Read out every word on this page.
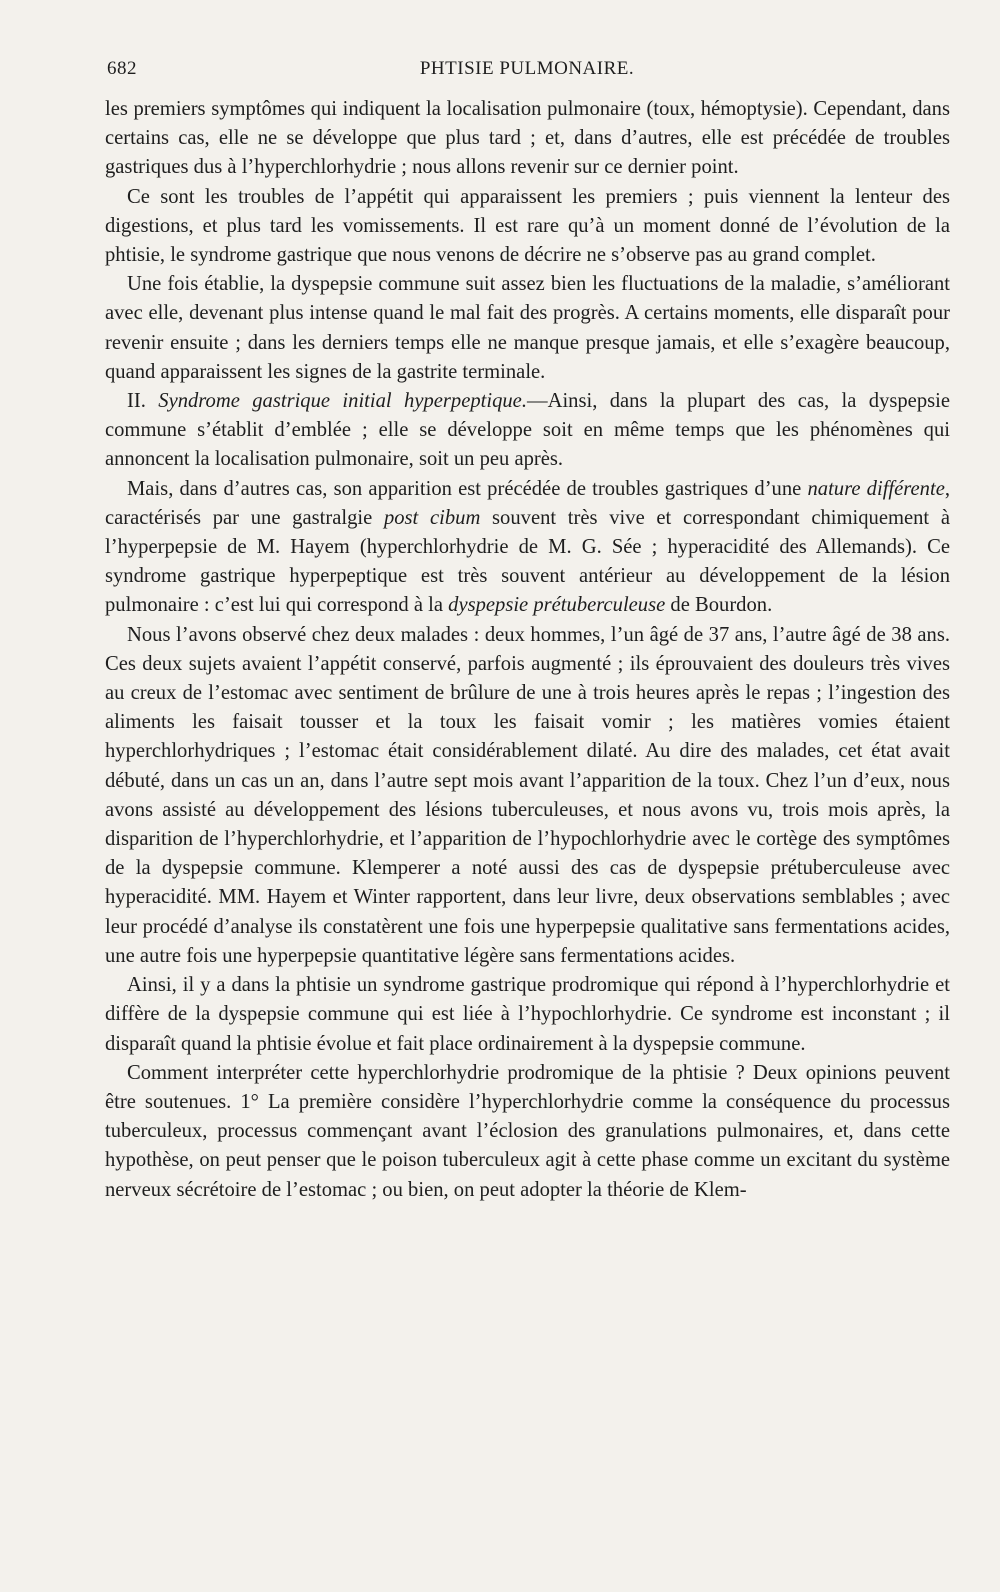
682	PHTISIE PULMONAIRE.

les premiers symptômes qui indiquent la localisation pulmonaire (toux, hémoptysie). Cependant, dans certains cas, elle ne se développe que plus tard ; et, dans d’autres, elle est précédée de troubles gastriques dus à l’hyperchlorhydrie ; nous allons revenir sur ce dernier point.

Ce sont les troubles de l’appétit qui apparaissent les premiers ; puis viennent la lenteur des digestions, et plus tard les vomissements. Il est rare qu’à un moment donné de l’évolution de la phtisie, le syndrome gastrique que nous venons de décrire ne s’observe pas au grand complet.

Une fois établie, la dyspepsie commune suit assez bien les fluctuations de la maladie, s’améliorant avec elle, devenant plus intense quand le mal fait des progrès. A certains moments, elle disparaît pour revenir ensuite ; dans les derniers temps elle ne manque presque jamais, et elle s’exagère beaucoup, quand apparaissent les signes de la gastrite terminale.

II. Syndrome gastrique initial hyperpeptique.—Ainsi, dans la plupart des cas, la dyspepsie commune s’établit d’emblée ; elle se développe soit en même temps que les phénomènes qui annoncent la localisation pulmonaire, soit un peu après.

Mais, dans d’autres cas, son apparition est précédée de troubles gastriques d’une nature différente, caractérisés par une gastralgie post cibum souvent très vive et correspondant chimiquement à l’hyperpepsie de M. Hayem (hyperchlorhydrie de M. G. Sée ; hyperacidité des Allemands). Ce syndrome gastrique hyperpeptique est très souvent antérieur au développement de la lésion pulmonaire : c’est lui qui correspond à la dyspepsie prétuberculeuse de Bourdon.

Nous l’avons observé chez deux malades : deux hommes, l’un âgé de 37 ans, l’autre âgé de 38 ans. Ces deux sujets avaient l’appétit conservé, parfois augmenté ; ils éprouvaient des douleurs très vives au creux de l’estomac avec sentiment de brûlure de une à trois heures après le repas ; l’ingestion des aliments les faisait tousser et la toux les faisait vomir ; les matières vomies étaient hyperchlorhydriques ; l’estomac était considérablement dilaté. Au dire des malades, cet état avait débuté, dans un cas un an, dans l’autre sept mois avant l’apparition de la toux. Chez l’un d’eux, nous avons assisté au développement des lésions tuberculeuses, et nous avons vu, trois mois après, la disparition de l’hyperchlorhydrie, et l’apparition de l’hypochlorhydrie avec le cortège des symptômes de la dyspepsie commune. Klemperer a noté aussi des cas de dyspepsie prétuberculeuse avec hyperacidité. MM. Hayem et Winter rapportent, dans leur livre, deux observations semblables ; avec leur procédé d’analyse ils constatèrent une fois une hyperpepsie qualitative sans fermentations acides, une autre fois une hyperpepsie quantitative légère sans fermentations acides.

Ainsi, il y a dans la phtisie un syndrome gastrique prodromique qui répond à l’hyperchlorhydrie et diffère de la dyspepsie commune qui est liée à l’hypochlorhydrie. Ce syndrome est inconstant ; il disparaît quand la phtisie évolue et fait place ordinairement à la dyspepsie commune.

Comment interpréter cette hyperchlorhydrie prodromique de la phtisie ? Deux opinions peuvent être soutenues. 1° La première considère l’hyperchlorhydrie comme la conséquence du processus tuberculeux, processus commençant avant l’éclosion des granulations pulmonaires, et, dans cette hypothèse, on peut penser que le poison tuberculeux agit à cette phase comme un excitant du système nerveux sécrétoire de l’estomac ; ou bien, on peut adopter la théorie de Klem-
